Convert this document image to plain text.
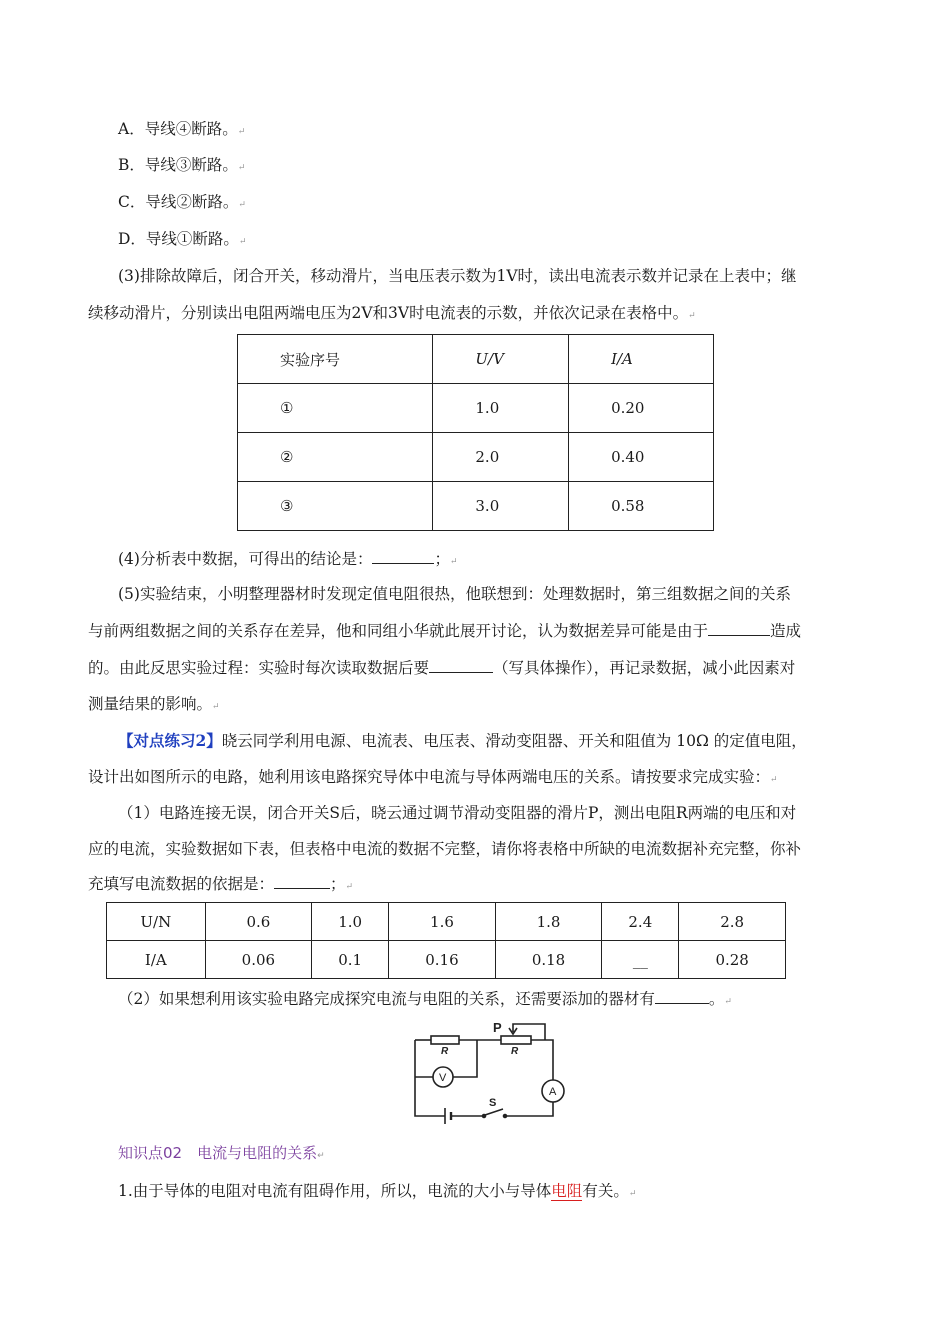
A．导线④断路。↵
B．导线③断路。↵
C．导线②断路。↵
D．导线①断路。↵
(3)排除故障后，闭合开关，移动滑片，当电压表示数为1V时，读出电流表示数并记录在上表中；继
续移动滑片，分别读出电阻两端电压为2V和3V时电流表的示数，并依次记录在表格中。↵
实验序号	U/V	I/A
①	1.0	0.20
②	2.0	0.40
③	3.0	0.58
(4)分析表中数据，可得出的结论是：	；↵
(5)实验结束，小明整理器材时发现定值电阻很热，他联想到：处理数据时，第三组数据之间的关系
与前两组数据之间的关系存在差异，他和同组小华就此展开讨论，认为数据差异可能是由于	造成
的。由此反思实验过程：实验时每次读取数据后要	（写具体操作），再记录数据，减小此因素对
测量结果的影响。↵
【对点练习2】晓云同学利用电源、电流表、电压表、滑动变阻器、开关和阻值为 10Ω 的定值电阻，
设计出如图所示的电路，她利用该电路探究导体中电流与导体两端电压的关系。请按要求完成实验：↵
（1）电路连接无误，闭合开关S后，晓云通过调节滑动变阻器的滑片P，测出电阻R两端的电压和对
应的电流，实验数据如下表，但表格中电流的数据不完整，请你将表格中所缺的电流数据补充完整，你补
充填写电流数据的依据是：	；↵
U/N	0.6	1.0	1.6	1.8	2.4	2.8
I/A	0.06	0.1	0.16	0.18	__	0.28
（2）如果想利用该实验电路完成探究电流与电阻的关系，还需要添加的器材有	。↵
P
R	R
V
A
S
知识点02　电流与电阻的关系↵
1.由于导体的电阻对电流有阻碍作用，所以，电流的大小与导体电阻有关。↵
